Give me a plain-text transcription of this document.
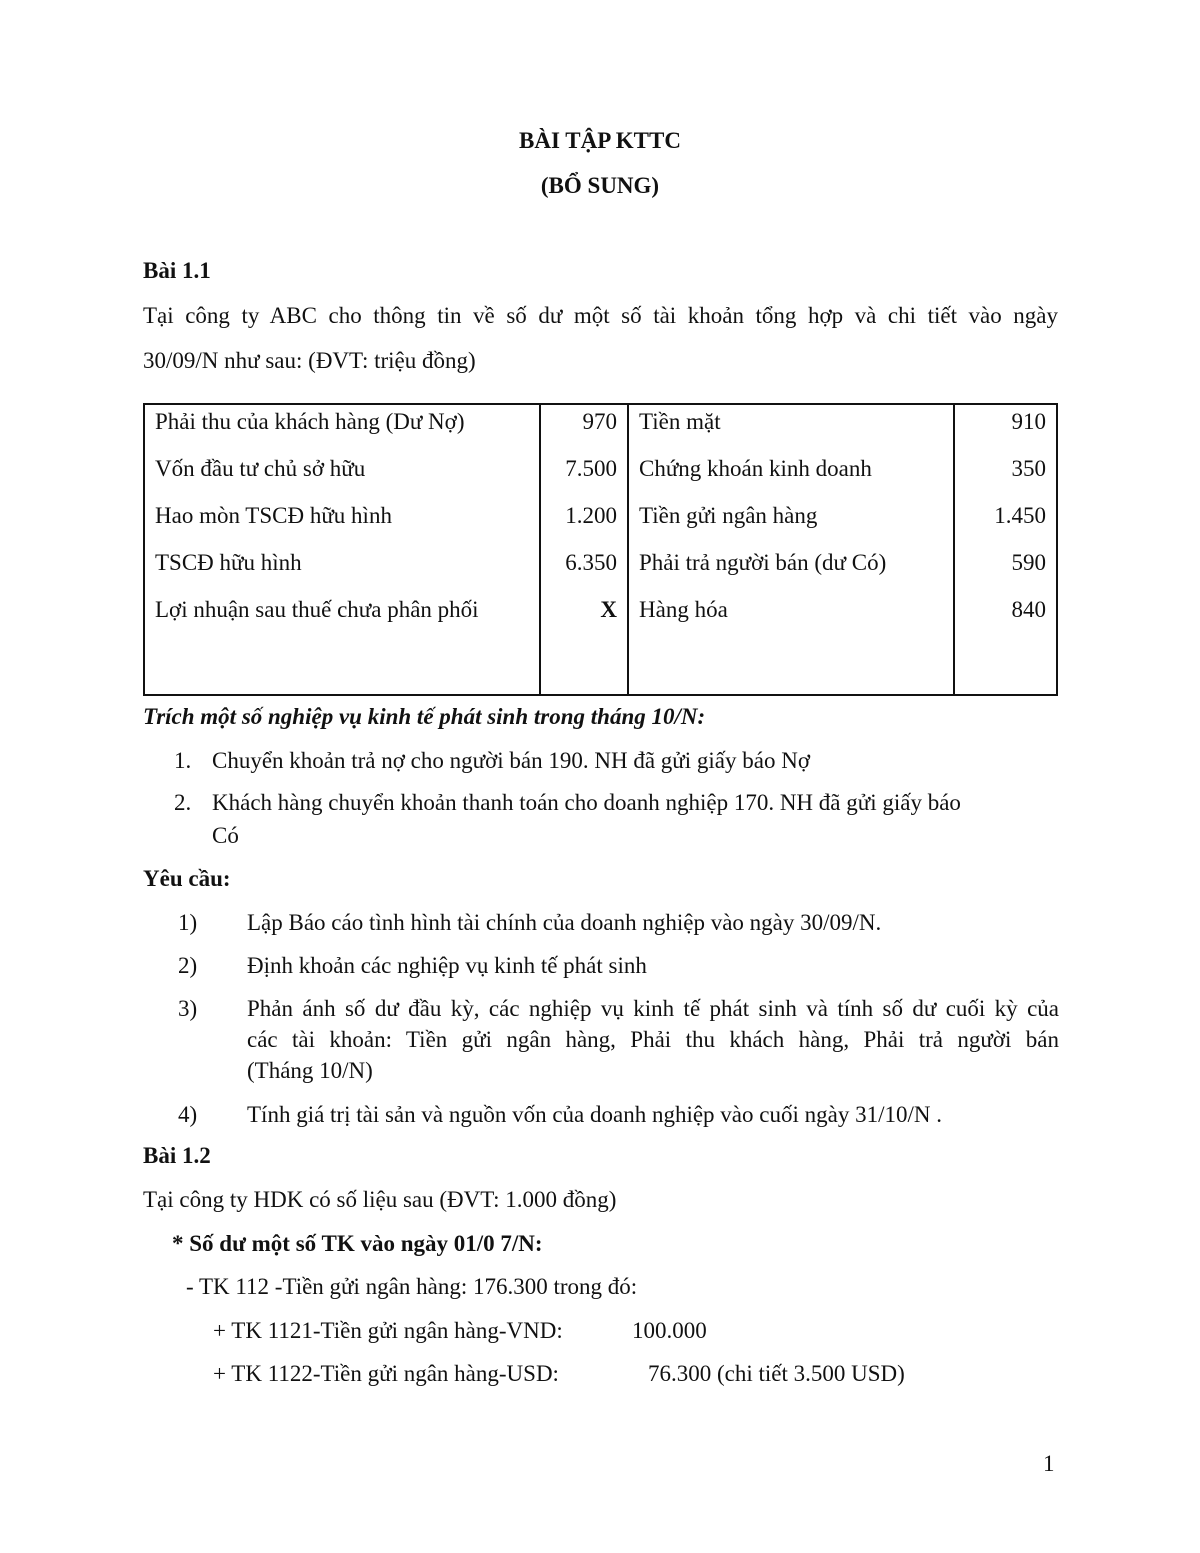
BÀI TẬP KTTC
(BỔ SUNG)
Bài 1.1
Tại công ty ABC cho thông tin về số dư một số tài khoản tổng hợp và chi tiết vào ngày
30/09/N như sau: (ĐVT: triệu đồng)
Phải thu của khách hàng (Dư Nợ)	970	Tiền mặt	910
Vốn đầu tư chủ sở hữu	7.500	Chứng khoán kinh doanh	350
Hao mòn TSCĐ hữu hình	1.200	Tiền gửi ngân hàng	1.450
TSCĐ hữu hình	6.350	Phải trả người bán (dư Có)	590
Lợi nhuận sau thuế chưa phân phối	X	Hàng hóa	840

Trích một số nghiệp vụ kinh tế phát sinh trong tháng 10/N:
1. Chuyển khoản trả nợ cho người bán 190. NH đã gửi giấy báo Nợ
2. Khách hàng chuyển khoản thanh toán cho doanh nghiệp 170. NH đã gửi giấy báo
Có
Yêu cầu:
1) Lập Báo cáo tình hình tài chính của doanh nghiệp vào ngày 30/09/N.
2) Định khoản các nghiệp vụ kinh tế phát sinh
3) Phản ánh số dư đầu kỳ, các nghiệp vụ kinh tế phát sinh và tính số dư cuối kỳ của
các tài khoản: Tiền gửi ngân hàng, Phải thu khách hàng, Phải trả người bán
(Tháng 10/N)
4) Tính giá trị tài sản và nguồn vốn của doanh nghiệp vào cuối ngày 31/10/N .
Bài 1.2
Tại công ty HDK có số liệu sau (ĐVT: 1.000 đồng)
* Số dư một số TK vào ngày 01/0 7/N:
- TK 112 -Tiền gửi ngân hàng: 176.300 trong đó:
+ TK 1121-Tiền gửi ngân hàng-VND:	100.000
+ TK 1122-Tiền gửi ngân hàng-USD:	76.300 (chi tiết 3.500 USD)
1
